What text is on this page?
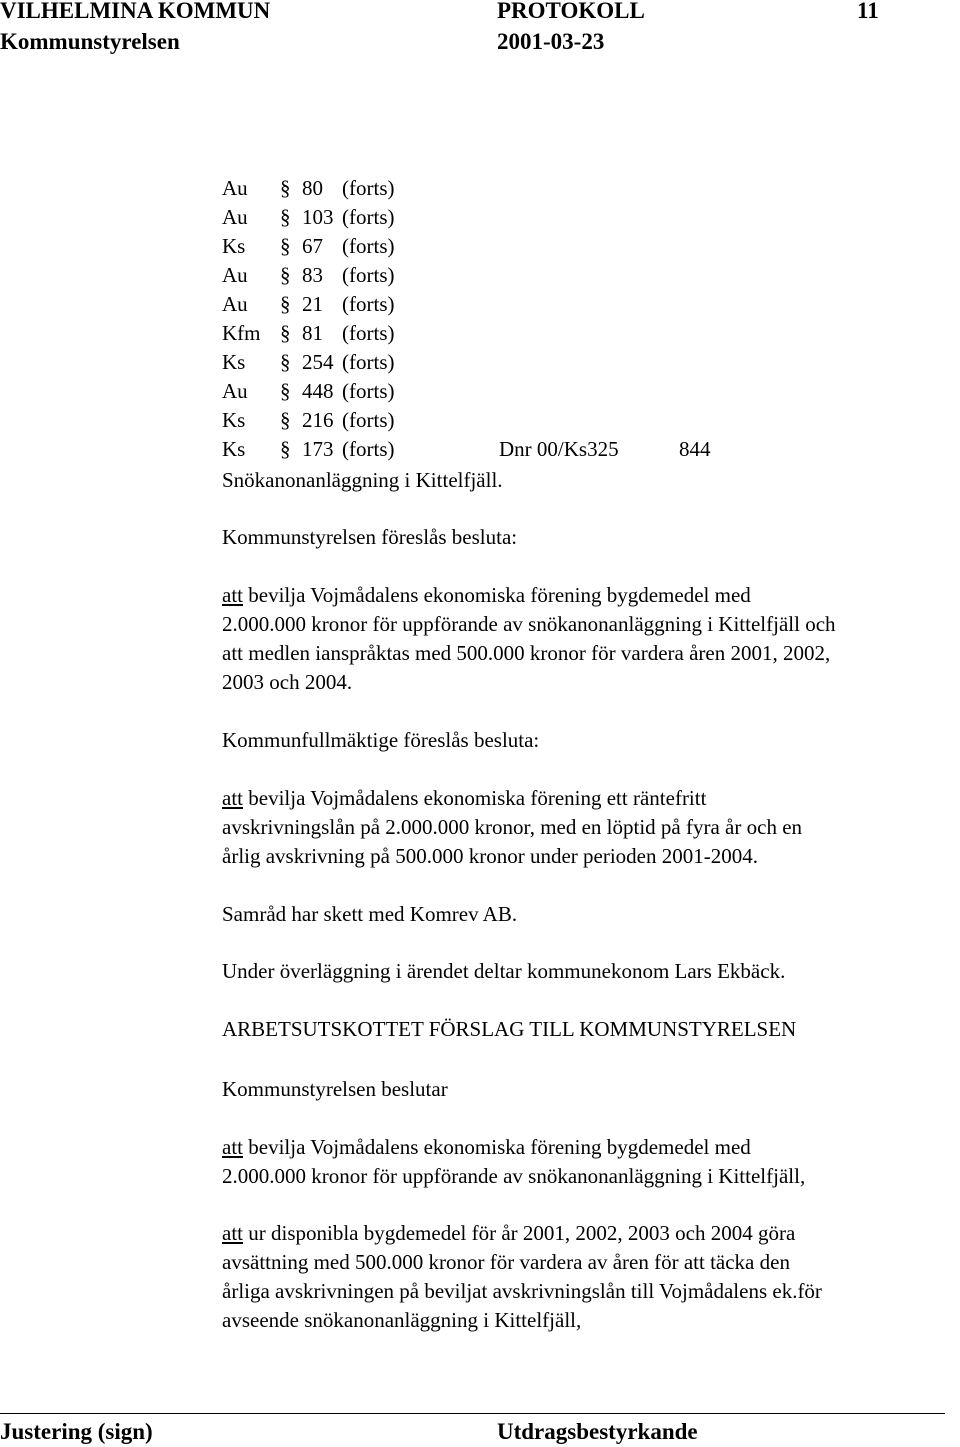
VILHELMINA KOMMUN	PROTOKOLL	11
Kommunstyrelsen	2001-03-23
Au § 80 (forts)
Au § 103 (forts)
Ks § 67 (forts)
Au § 83 (forts)
Au § 21 (forts)
Kfm § 81 (forts)
Ks § 254 (forts)
Au § 448 (forts)
Ks § 216 (forts)
Ks § 173 (forts)	Dnr 00/Ks325	844
Snökanonanläggning i Kittelfjäll.
Kommunstyrelsen föreslås besluta:
att bevilja Vojmådalens ekonomiska förening bygdemedel med
2.000.000 kronor för uppförande av snökanonanläggning i Kittelfjäll och
att medlen ianspråktas med 500.000 kronor för vardera åren 2001, 2002,
2003 och 2004.
Kommunfullmäktige föreslås besluta:
att bevilja Vojmådalens ekonomiska förening ett räntefritt
avskrivningslån på 2.000.000 kronor, med en löptid på fyra år och en
årlig avskrivning på 500.000 kronor under perioden 2001-2004.
Samråd har skett med Komrev AB.
Under överläggning i ärendet deltar kommunekonom Lars Ekbäck.
ARBETSUTSKOTTET FÖRSLAG TILL KOMMUNSTYRELSEN
Kommunstyrelsen beslutar
att bevilja Vojmådalens ekonomiska förening bygdemedel med
2.000.000 kronor för uppförande av snökanonanläggning i Kittelfjäll,
att ur disponibla bygdemedel för år 2001, 2002, 2003 och 2004 göra
avsättning med 500.000 kronor för vardera av åren för att täcka den
årliga avskrivningen på beviljat avskrivningslån till Vojmådalens ek.för
avseende snökanonanläggning i Kittelfjäll,
Justering (sign)	Utdragsbestyrkande
